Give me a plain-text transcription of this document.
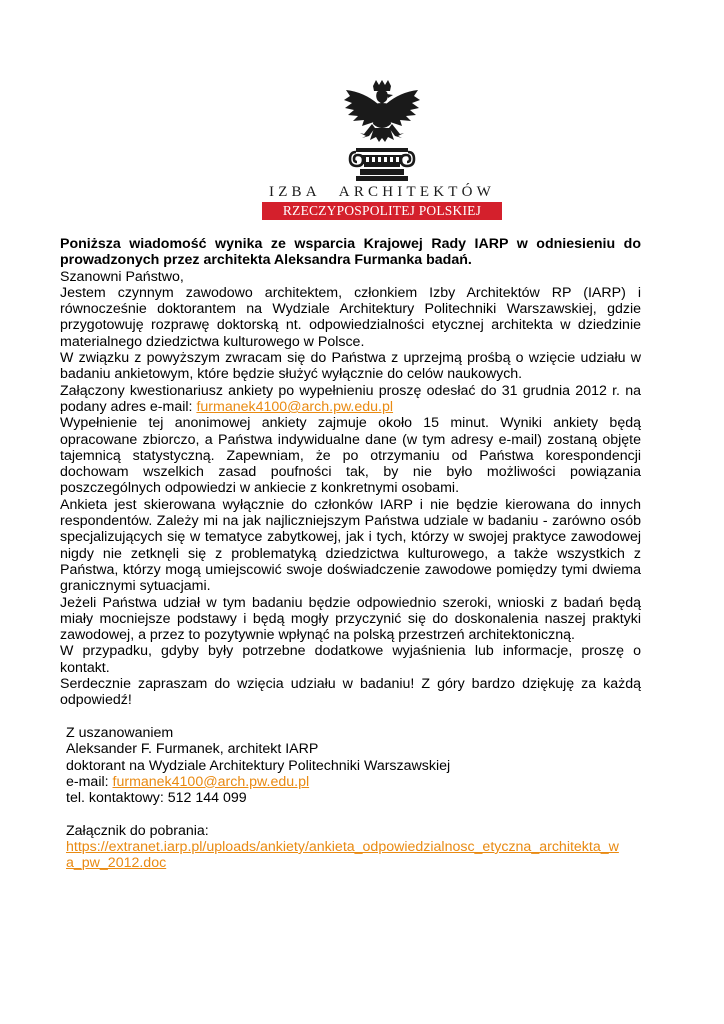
IZBA ARCHITEKTÓW
RZECZYPOSPOLITEJ POLSKIEJ

Poniższa wiadomość wynika ze wsparcia Krajowej Rady IARP w odniesieniu do prowadzonych przez architekta Aleksandra Furmanka badań.

Szanowni Państwo,

Jestem czynnym zawodowo architektem, członkiem Izby Architektów RP (IARP) i równocześnie doktorantem na Wydziale Architektury Politechniki Warszawskiej, gdzie przygotowuję rozprawę doktorską nt. odpowiedzialności etycznej architekta w dziedzinie materialnego dziedzictwa kulturowego w Polsce.

W związku z powyższym zwracam się do Państwa z uprzejmą prośbą o wzięcie udziału w badaniu ankietowym, które będzie służyć wyłącznie do celów naukowych.

Załączony kwestionariusz ankiety po wypełnieniu proszę odesłać do 31 grudnia 2012 r. na podany adres e-mail: furmanek4100@arch.pw.edu.pl

Wypełnienie tej anonimowej ankiety zajmuje około 15 minut. Wyniki ankiety będą opracowane zbiorczo, a Państwa indywidualne dane (w tym adresy e-mail) zostaną objęte tajemnicą statystyczną. Zapewniam, że po otrzymaniu od Państwa korespondencji dochowam wszelkich zasad poufności tak, by nie było możliwości powiązania poszczególnych odpowiedzi w ankiecie z konkretnymi osobami.

Ankieta jest skierowana wyłącznie do członków IARP i nie będzie kierowana do innych respondentów. Zależy mi na jak najliczniejszym Państwa udziale w badaniu - zarówno osób specjalizujących się w tematyce zabytkowej, jak i tych, którzy w swojej praktyce zawodowej nigdy nie zetknęli się z problematyką dziedzictwa kulturowego, a także wszystkich z Państwa, którzy mogą umiejscowić swoje doświadczenie zawodowe pomiędzy tymi dwiema granicznymi sytuacjami.

Jeżeli Państwa udział w tym badaniu będzie odpowiednio szeroki, wnioski z badań będą miały mocniejsze podstawy i będą mogły przyczynić się do doskonalenia naszej praktyki zawodowej, a przez to pozytywnie wpłynąć na polską przestrzeń architektoniczną.

W przypadku, gdyby były potrzebne dodatkowe wyjaśnienia lub informacje, proszę o kontakt.

Serdecznie zapraszam do wzięcia udziału w badaniu! Z góry bardzo dziękuję za każdą odpowiedź!

Z uszanowaniem

Aleksander F. Furmanek, architekt IARP

doktorant na Wydziale Architektury Politechniki Warszawskiej

e-mail: furmanek4100@arch.pw.edu.pl

tel. kontaktowy: 512 144 099

Załącznik do pobrania:

https://extranet.iarp.pl/uploads/ankiety/ankieta_odpowiedzialnosc_etyczna_architekta_w
a_pw_2012.doc
